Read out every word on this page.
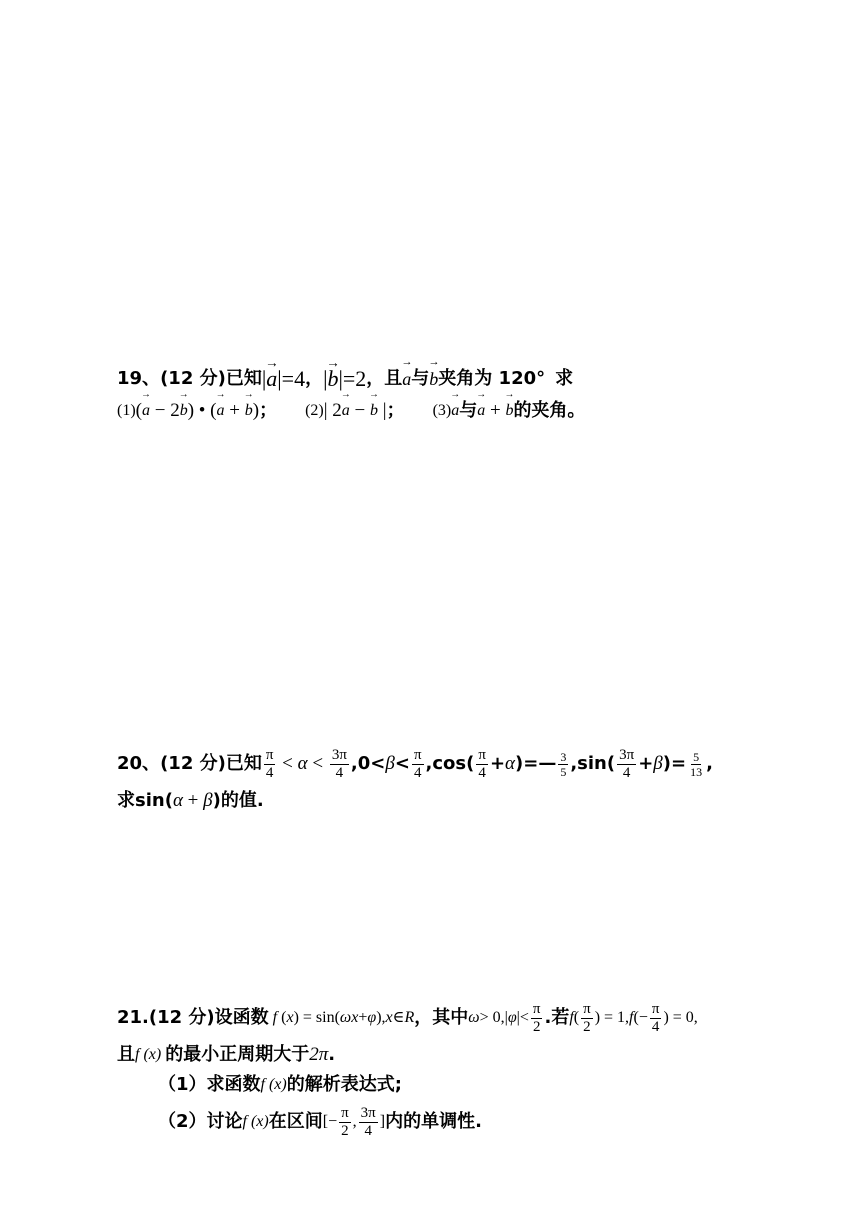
19、 (12 分) 已知 | → a |= 4 ， | → b |= 2 ， 且 → a 与 → b 夹角为 120° 求
(1) ( → a − 2 → b ) • ( → a + → b ) ； (2) | 2 → a − → b | ； (3) → a 与 → a + → b 的夹角。
20、 (12 分) 已知 $\frac{\pi}{4} < \alpha < \frac{3\pi}{4}$ , $0 < \beta < \frac{\pi}{4}$ , cos ( $\frac{\pi}{4} + \alpha$ )=— $\frac{3}{5}$ , sin ( $\frac{3\pi}{4} + \beta$ )= $\frac{5}{13}$ ,
求 sin ( α + β ) 的值.
21. (12 分) 设函数 f ( x ) = sin( ωx + φ ), x ∈ R ，其中 ω > 0,| φ |< $\frac{\pi}{2}$ .若 f ( $\frac{\pi}{2}$ ) = 1, f (− $\frac{\pi}{4}$ ) = 0,
且 f (x) 的最小正周期大于 2π .
（1） 求函数 f (x) 的解析表达式;
（2） 讨论 f (x) 在区间 [− $\frac{\pi}{2}$ , $\frac{3\pi}{4}$ ] 内的单调性.
